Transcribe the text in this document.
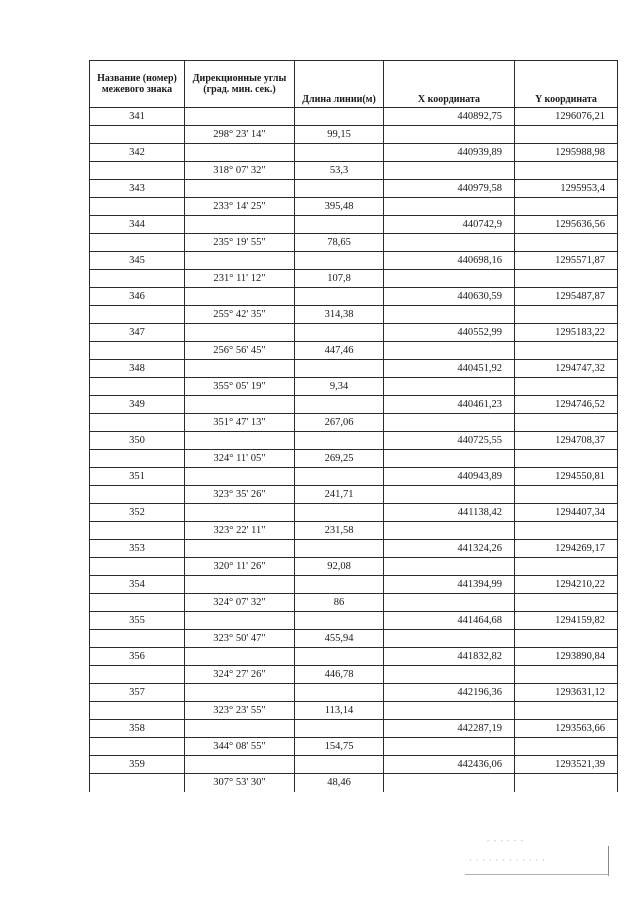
Название (номер) межевого знака	Дирекционные углы (град. мин. сек.)	Длина линии(м)	X координата	Y координата
341			440892,75	1296076,21
	298° 23' 14"	99,15		
342			440939,89	1295988,98
	318° 07' 32"	53,3		
343			440979,58	1295953,4
	233° 14' 25"	395,48		
344			440742,9	1295636,56
	235° 19' 55"	78,65		
345			440698,16	1295571,87
	231° 11' 12"	107,8		
346			440630,59	1295487,87
	255° 42' 35"	314,38		
347			440552,99	1295183,22
	256° 56' 45"	447,46		
348			440451,92	1294747,32
	355° 05' 19"	9,34		
349			440461,23	1294746,52
	351° 47' 13"	267,06		
350			440725,55	1294708,37
	324° 11' 05"	269,25		
351			440943,89	1294550,81
	323° 35' 26"	241,71		
352			441138,42	1294407,34
	323° 22' 11"	231,58		
353			441324,26	1294269,17
	320° 11' 26"	92,08		
354			441394,99	1294210,22
	324° 07' 32"	86		
355			441464,68	1294159,82
	323° 50' 47"	455,94		
356			441832,82	1293890,84
	324° 27' 26"	446,78		
357			442196,36	1293631,12
	323° 23' 55"	113,14		
358			442287,19	1293563,66
	344° 08' 55"	154,75		
359			442436,06	1293521,39
	307° 53' 30"	48,46		
- - - - - -
· · · · · · · · · · · ·
